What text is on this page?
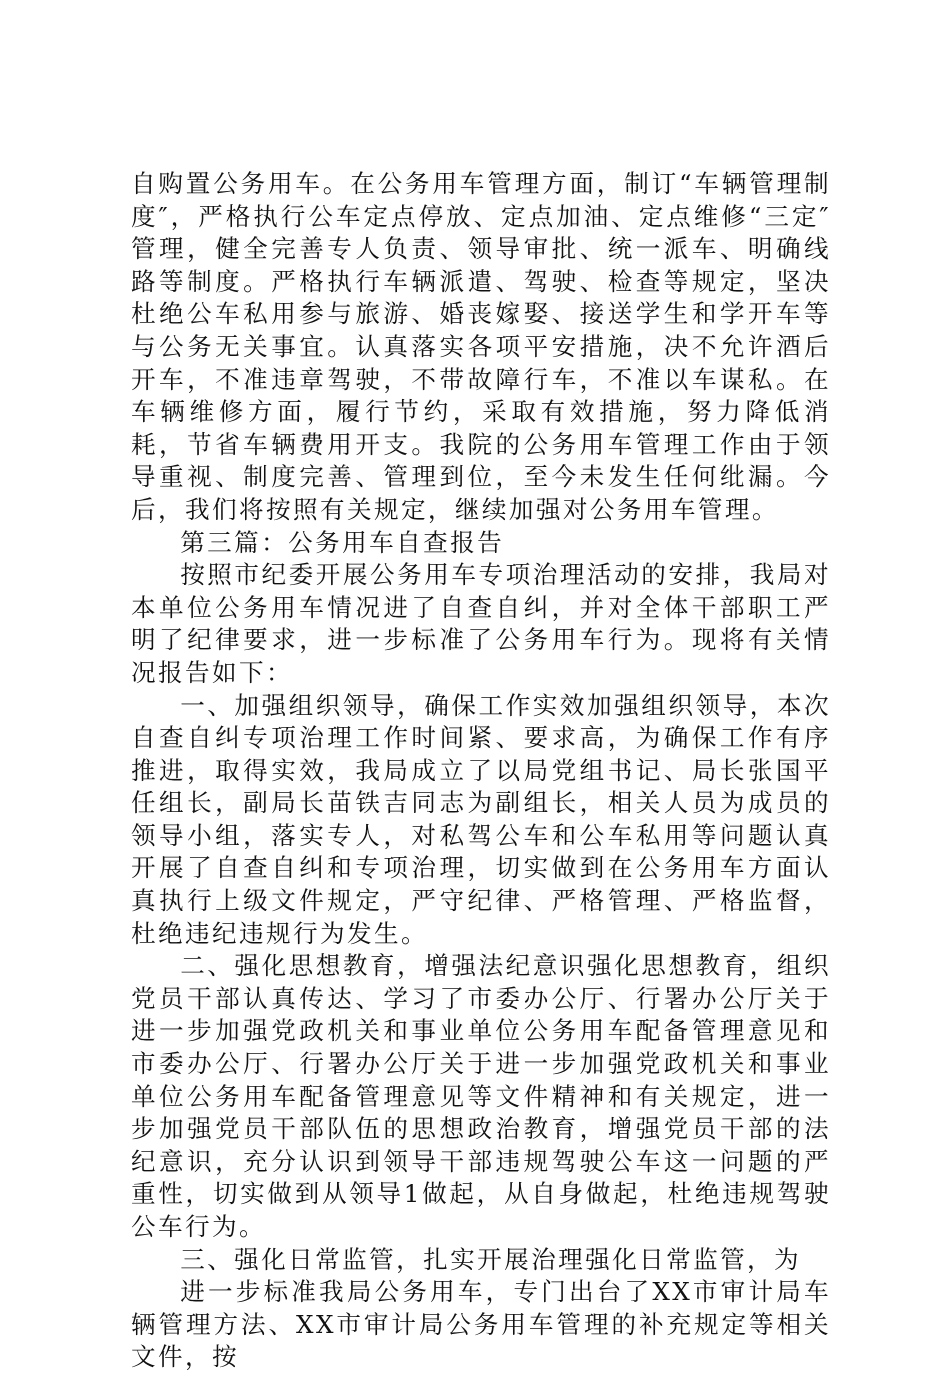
自购置公务用车。在公务用车管理方面，制订“车辆管理制度″，严格执行公车定点停放、定点加油、定点维修“三定″管理，健全完善专人负责、领导审批、统一派车、明确线路等制度。严格执行车辆派遣、驾驶、检查等规定，坚决杜绝公车私用参与旅游、婚丧嫁娶、接送学生和学开车等与公务无关事宜。认真落实各项平安措施，决不允许酒后开车，不准违章驾驶，不带故障行车，不准以车谋私。在车辆维修方面，履行节约，采取有效措施，努力降低消耗，节省车辆费用开支。我院的公务用车管理工作由于领导重视、制度完善、管理到位，至今未发生任何纰漏。今后，我们将按照有关规定，继续加强对公务用车管理。

第三篇：公务用车自查报告

按照市纪委开展公务用车专项治理活动的安排，我局对本单位公务用车情况进了自查自纠，并对全体干部职工严明了纪律要求，进一步标准了公务用车行为。现将有关情况报告如下：

一、加强组织领导，确保工作实效加强组织领导，本次自查自纠专项治理工作时间紧、要求高，为确保工作有序推进，取得实效，我局成立了以局党组书记、局长张国平任组长，副局长苗铁吉同志为副组长，相关人员为成员的领导小组，落实专人，对私驾公车和公车私用等问题认真开展了自查自纠和专项治理，切实做到在公务用车方面认真执行上级文件规定，严守纪律、严格管理、严格监督，杜绝违纪违规行为发生。

二、强化思想教育，增强法纪意识强化思想教育，组织党员干部认真传达、学习了市委办公厅、行署办公厅关于进一步加强党政机关和事业单位公务用车配备管理意见和市委办公厅、行署办公厅关于进一步加强党政机关和事业单位公务用车配备管理意见等文件精神和有关规定，进一步加强党员干部队伍的思想政治教育，增强党员干部的法纪意识，充分认识到领导干部违规驾驶公车这一问题的严重性，切实做到从领导1做起，从自身做起，杜绝违规驾驶公车行为。

三、强化日常监管，扎实开展治理强化日常监管，为

进一步标准我局公务用车，专门出台了XX市审计局车辆管理方法、XX市审计局公务用车管理的补充规定等相关文件，按
